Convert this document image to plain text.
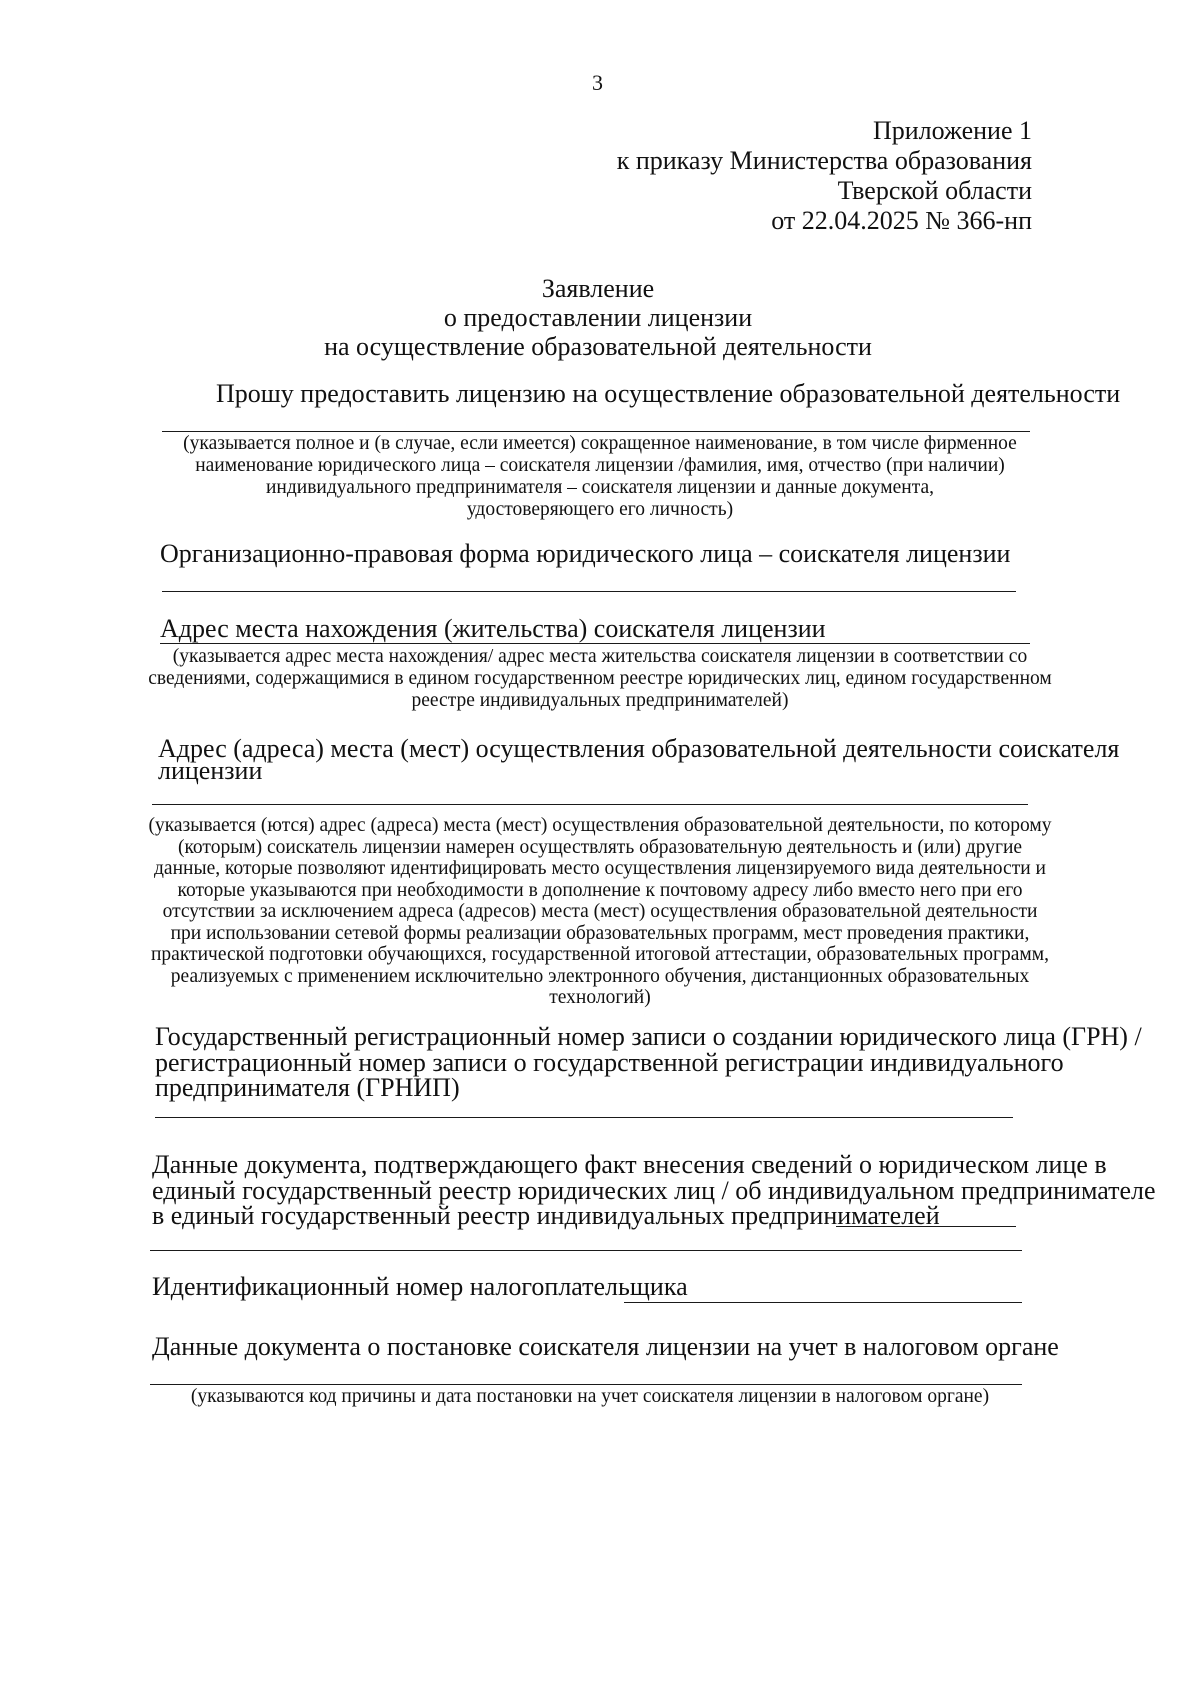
3
Приложение 1
к приказу Министерства образования
Тверской области
от 22.04.2025 № 366-нп
Заявление
о предоставлении лицензии
на осуществление образовательной деятельности
Прошу предоставить лицензию на осуществление образовательной деятельности
(указывается полное и (в случае, если имеется) сокращенное наименование, в том числе фирменное
наименование юридического лица – соискателя лицензии /фамилия, имя, отчество (при наличии)
индивидуального предпринимателя – соискателя лицензии и данные документа,
удостоверяющего его личность)
Организационно-правовая форма юридического лица – соискателя лицензии
Адрес места нахождения (жительства) соискателя лицензии
(указывается адрес места нахождения/ адрес места жительства соискателя лицензии в соответствии со
сведениями, содержащимися в едином государственном реестре юридических лиц, едином государственном
реестре индивидуальных предпринимателей)
Адрес (адреса) места (мест) осуществления образовательной деятельности соискателя
лицензии
(указывается (ются) адрес (адреса) места (мест) осуществления образовательной деятельности, по которому
(которым) соискатель лицензии намерен осуществлять образовательную деятельность и (или) другие
данные, которые позволяют идентифицировать место осуществления лицензируемого вида деятельности и
которые указываются при необходимости в дополнение к почтовому адресу либо вместо него при его
отсутствии за исключением адреса (адресов) места (мест) осуществления образовательной деятельности
при использовании сетевой формы реализации образовательных программ, мест проведения практики,
практической подготовки обучающихся, государственной итоговой аттестации, образовательных программ,
реализуемых с применением исключительно электронного обучения, дистанционных образовательных
технологий)
Государственный регистрационный номер записи о создании юридического лица (ГРН) /
регистрационный номер записи о государственной регистрации индивидуального
предпринимателя (ГРНИП)
Данные документа, подтверждающего факт внесения сведений о юридическом лице в
единый государственный реестр юридических лиц / об индивидуальном предпринимателе
в единый государственный реестр индивидуальных предпринимателей
Идентификационный номер налогоплательщика
Данные документа о постановке соискателя лицензии на учет в налоговом органе
(указываются код причины и дата постановки на учет соискателя лицензии в налоговом органе)
